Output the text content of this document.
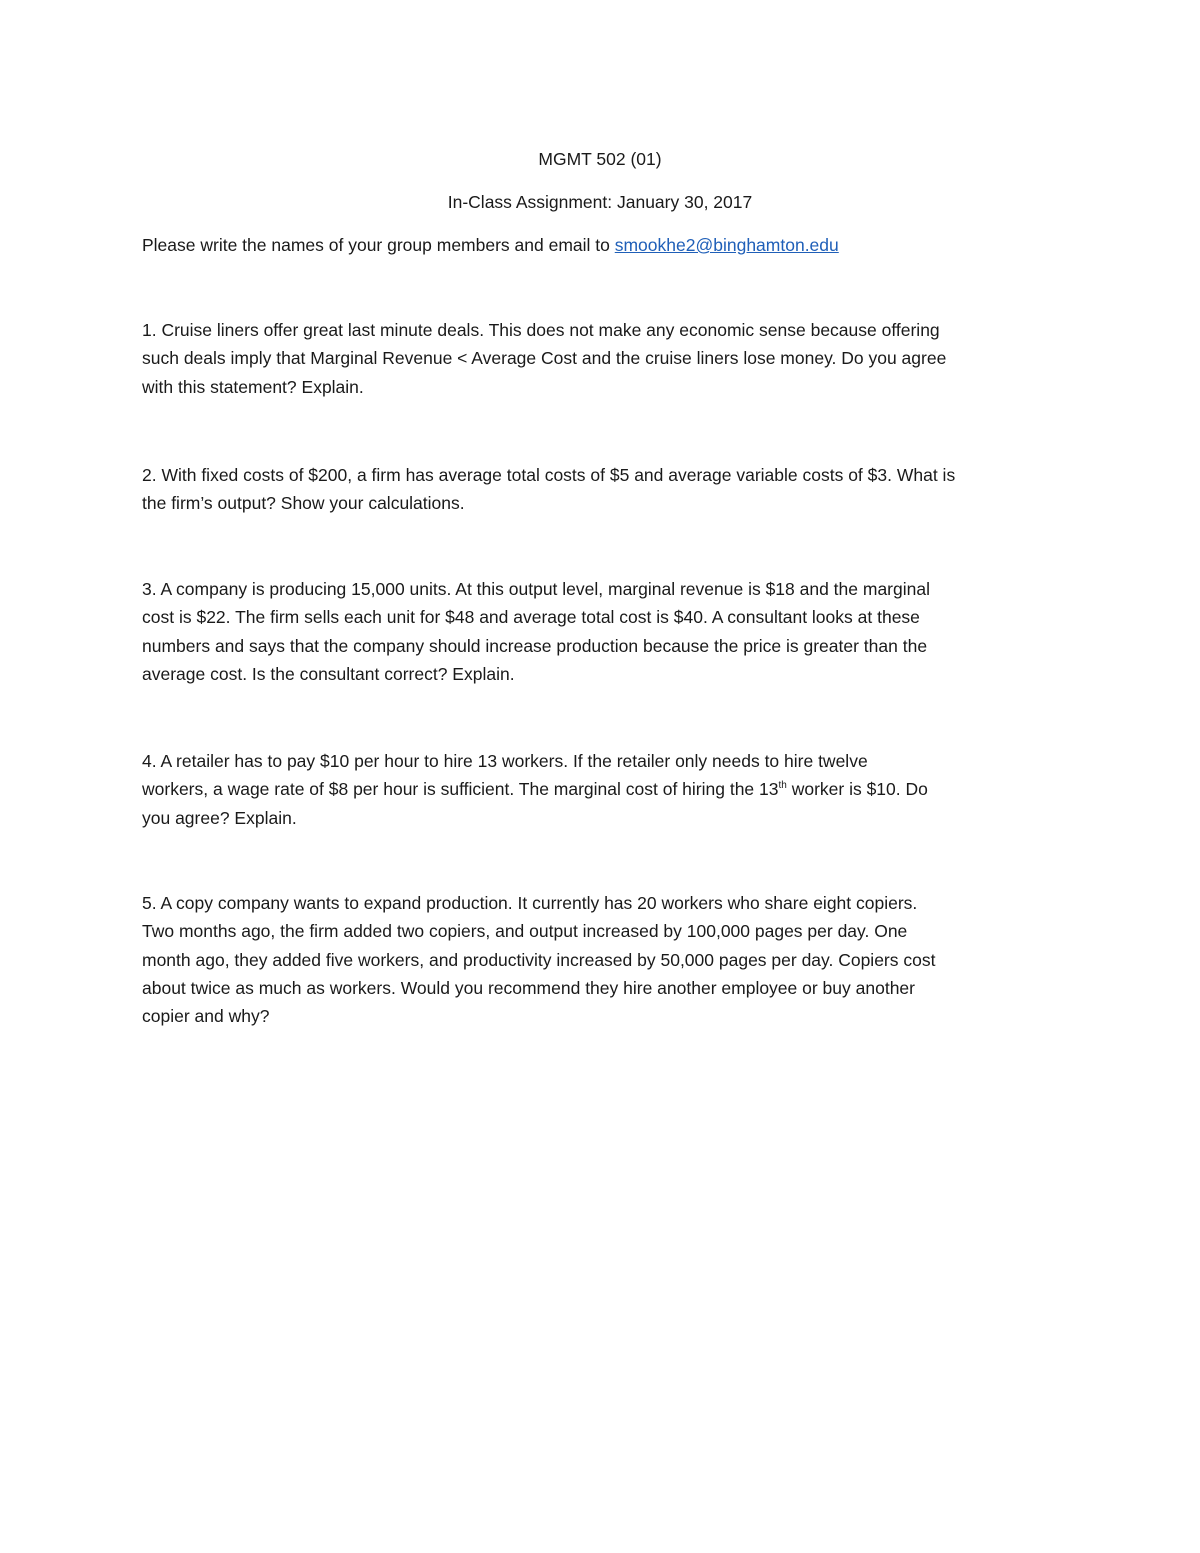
MGMT 502 (01)
In-Class Assignment: January 30, 2017
Please write the names of your group members and email to smookhe2@binghamton.edu
1. Cruise liners offer great last minute deals. This does not make any economic sense because offering
such deals imply that Marginal Revenue < Average Cost and the cruise liners lose money. Do you agree
with this statement? Explain.
2. With fixed costs of $200, a firm has average total costs of $5 and average variable costs of $3. What is
the firm’s output? Show your calculations.
3. A company is producing 15,000 units. At this output level, marginal revenue is $18 and the marginal
cost is $22. The firm sells each unit for $48 and average total cost is $40. A consultant looks at these
numbers and says that the company should increase production because the price is greater than the
average cost. Is the consultant correct? Explain.
4. A retailer has to pay $10 per hour to hire 13 workers. If the retailer only needs to hire twelve
workers, a wage rate of $8 per hour is sufficient. The marginal cost of hiring the 13th worker is $10. Do
you agree? Explain.
5. A copy company wants to expand production. It currently has 20 workers who share eight copiers.
Two months ago, the firm added two copiers, and output increased by 100,000 pages per day. One
month ago, they added five workers, and productivity increased by 50,000 pages per day. Copiers cost
about twice as much as workers. Would you recommend they hire another employee or buy another
copier and why?
